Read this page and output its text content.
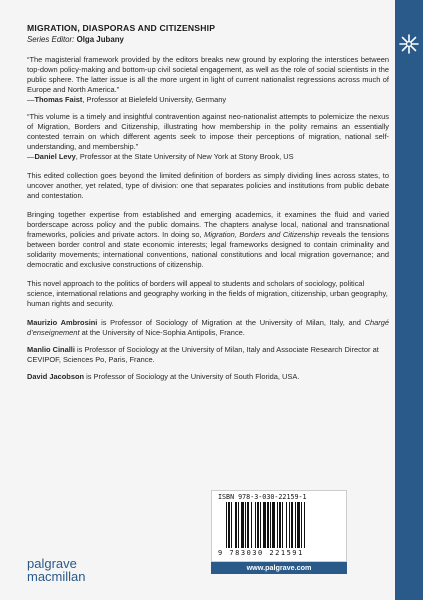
MIGRATION, DIASPORAS AND CITIZENSHIP
Series Editor: Olga Jubany

“The magisterial framework provided by the editors breaks new ground by exploring the interstices between top-down policy-making and bottom-up civil societal engagement, as well as the role of social scientists in the public sphere. The latter issue is all the more urgent in light of current nationalist regressions across much of Europe and North America.”

—Thomas Faist, Professor at Bielefeld University, Germany

“This volume is a timely and insightful contravention against neo-nationalist attempts to polemicize the nexus of Migration, Borders and Citizenship, illustrating how membership in the polity remains an essentially contested terrain on which different agents seek to impose their perceptions of migration, national self-understanding, and membership.”

—Daniel Levy, Professor at the State University of New York at Stony Brook, US

This edited collection goes beyond the limited definition of borders as simply dividing lines across states, to uncover another, yet related, type of division: one that separates policies and institutions from public debate and contestation.

Bringing together expertise from established and emerging academics, it examines the fluid and varied borderscape across policy and the public domains. The chapters analyse local, national and transnational frameworks, policies and private actors. In doing so, Migration, Borders and Citizenship reveals the tensions between border control and state economic interests; legal frameworks designed to contain criminality and solidarity movements; international conventions, national constitutions and local migration governance; and democratic and exclusive constructions of citizenship.

This novel approach to the politics of borders will appeal to students and scholars of sociology, political science, international relations and geography working in the fields of migration, citizenship, urban geography, human rights and security.

Maurizio Ambrosini is Professor of Sociology of Migration at the University of Milan, Italy, and Chargé d’enseignement at the University of Nice-Sophia Antipolis, France.

Manlio Cinalli is Professor of Sociology at the University of Milan, Italy and Associate Research Director at CEVIPOF, Sciences Po, Paris, France.

David Jacobson is Professor of Sociology at the University of South Florida, USA.

ISBN 978-3-030-22159-1
9 783030 221591
www.palgrave.com
palgrave
macmillan
